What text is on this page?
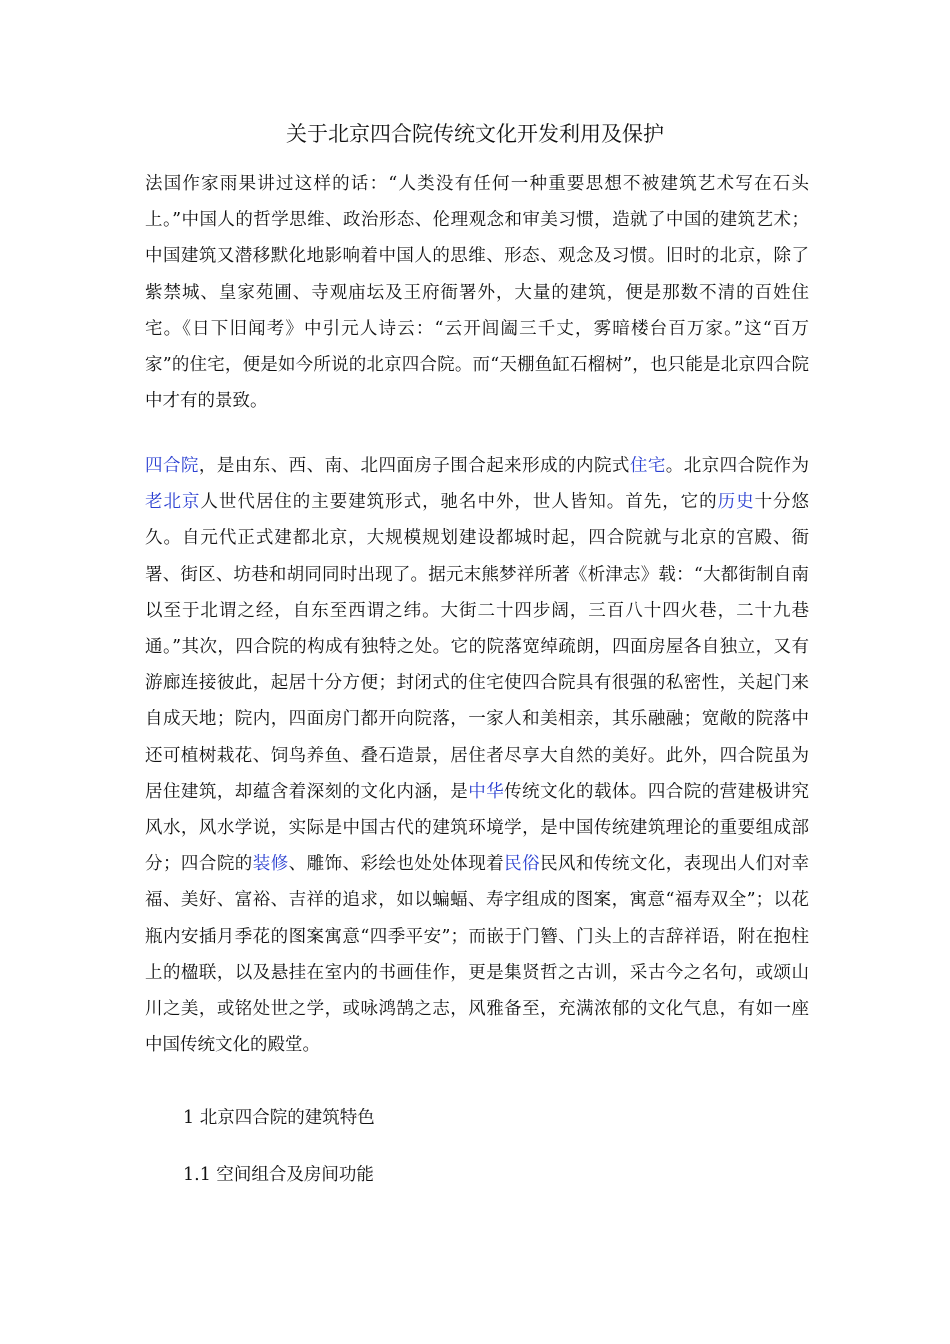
关于北京四合院传统文化开发利用及保护

法国作家雨果讲过这样的话：“人类没有任何一种重要思想不被建筑艺术写在石头上。”中国人的哲学思维、政治形态、伦理观念和审美习惯，造就了中国的建筑艺术；中国建筑又潜移默化地影响着中国人的思维、形态、观念及习惯。旧时的北京，除了紫禁城、皇家苑圃、寺观庙坛及王府衙署外，大量的建筑，便是那数不清的百姓住宅。《日下旧闻考》中引元人诗云：“云开闾阖三千丈，雾暗楼台百万家。”这“百万家”的住宅，便是如今所说的北京四合院。而“天棚鱼缸石榴树”，也只能是北京四合院中才有的景致。

四合院，是由东、西、南、北四面房子围合起来形成的内院式住宅。北京四合院作为老北京人世代居住的主要建筑形式，驰名中外，世人皆知。首先，它的历史十分悠久。自元代正式建都北京，大规模规划建设都城时起，四合院就与北京的宫殿、衙署、街区、坊巷和胡同同时出现了。据元末熊梦祥所著《析津志》载：“大都街制自南以至于北谓之经，自东至西谓之纬。大街二十四步阔，三百八十四火巷，二十九巷通。”其次，四合院的构成有独特之处。它的院落宽绰疏朗，四面房屋各自独立，又有游廊连接彼此，起居十分方便；封闭式的住宅使四合院具有很强的私密性，关起门来自成天地；院内，四面房门都开向院落，一家人和美相亲，其乐融融；宽敞的院落中还可植树栽花、饲鸟养鱼、叠石造景，居住者尽享大自然的美好。此外，四合院虽为居住建筑，却蕴含着深刻的文化内涵，是中华传统文化的载体。四合院的营建极讲究风水，风水学说，实际是中国古代的建筑环境学，是中国传统建筑理论的重要组成部分；四合院的装修、雕饰、彩绘也处处体现着民俗民风和传统文化，表现出人们对幸福、美好、富裕、吉祥的追求，如以蝙蝠、寿字组成的图案，寓意“福寿双全”；以花瓶内安插月季花的图案寓意“四季平安”；而嵌于门簪、门头上的吉辞祥语，附在抱柱上的楹联，以及悬挂在室内的书画佳作，更是集贤哲之古训，采古今之名句，或颂山川之美，或铭处世之学，或咏鸿鹄之志，风雅备至，充满浓郁的文化气息，有如一座中国传统文化的殿堂。

1 北京四合院的建筑特色

1.1 空间组合及房间功能
